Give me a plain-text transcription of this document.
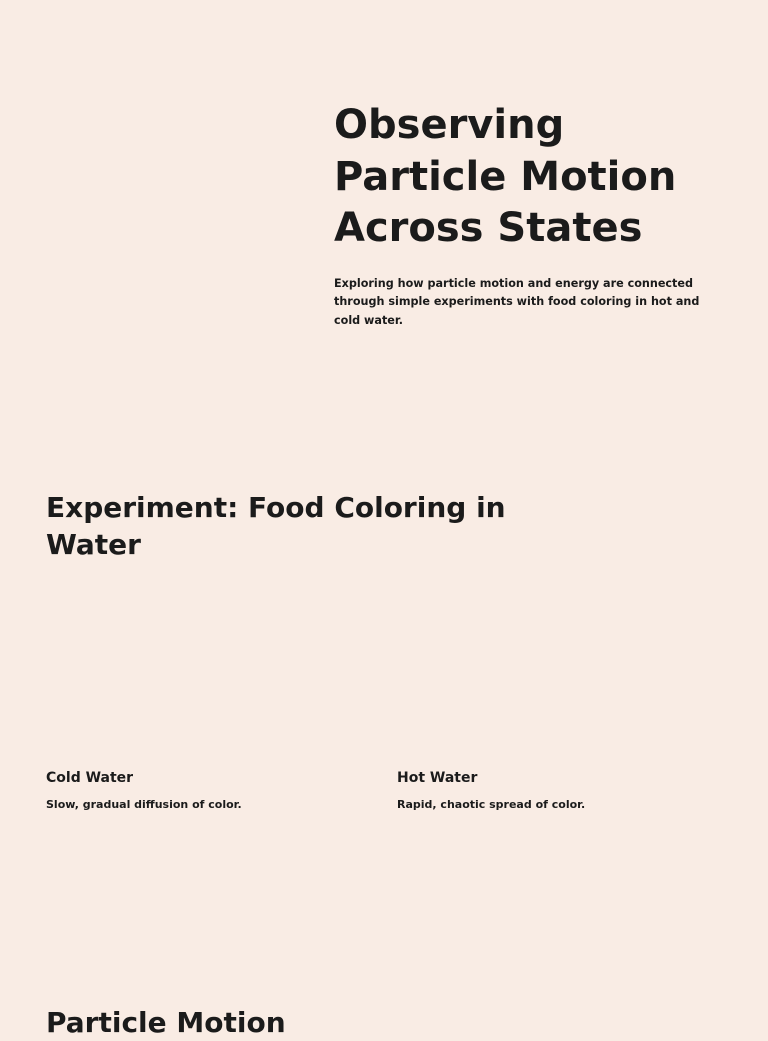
Observing Particle Motion Across States

Exploring how particle motion and energy are connected through simple experiments with food coloring in hot and cold water.

Experiment: Food Coloring in Water
Cold Water

Slow, gradual diffusion of color.

Hot Water

Rapid, chaotic spread of color.

Particle Motion
